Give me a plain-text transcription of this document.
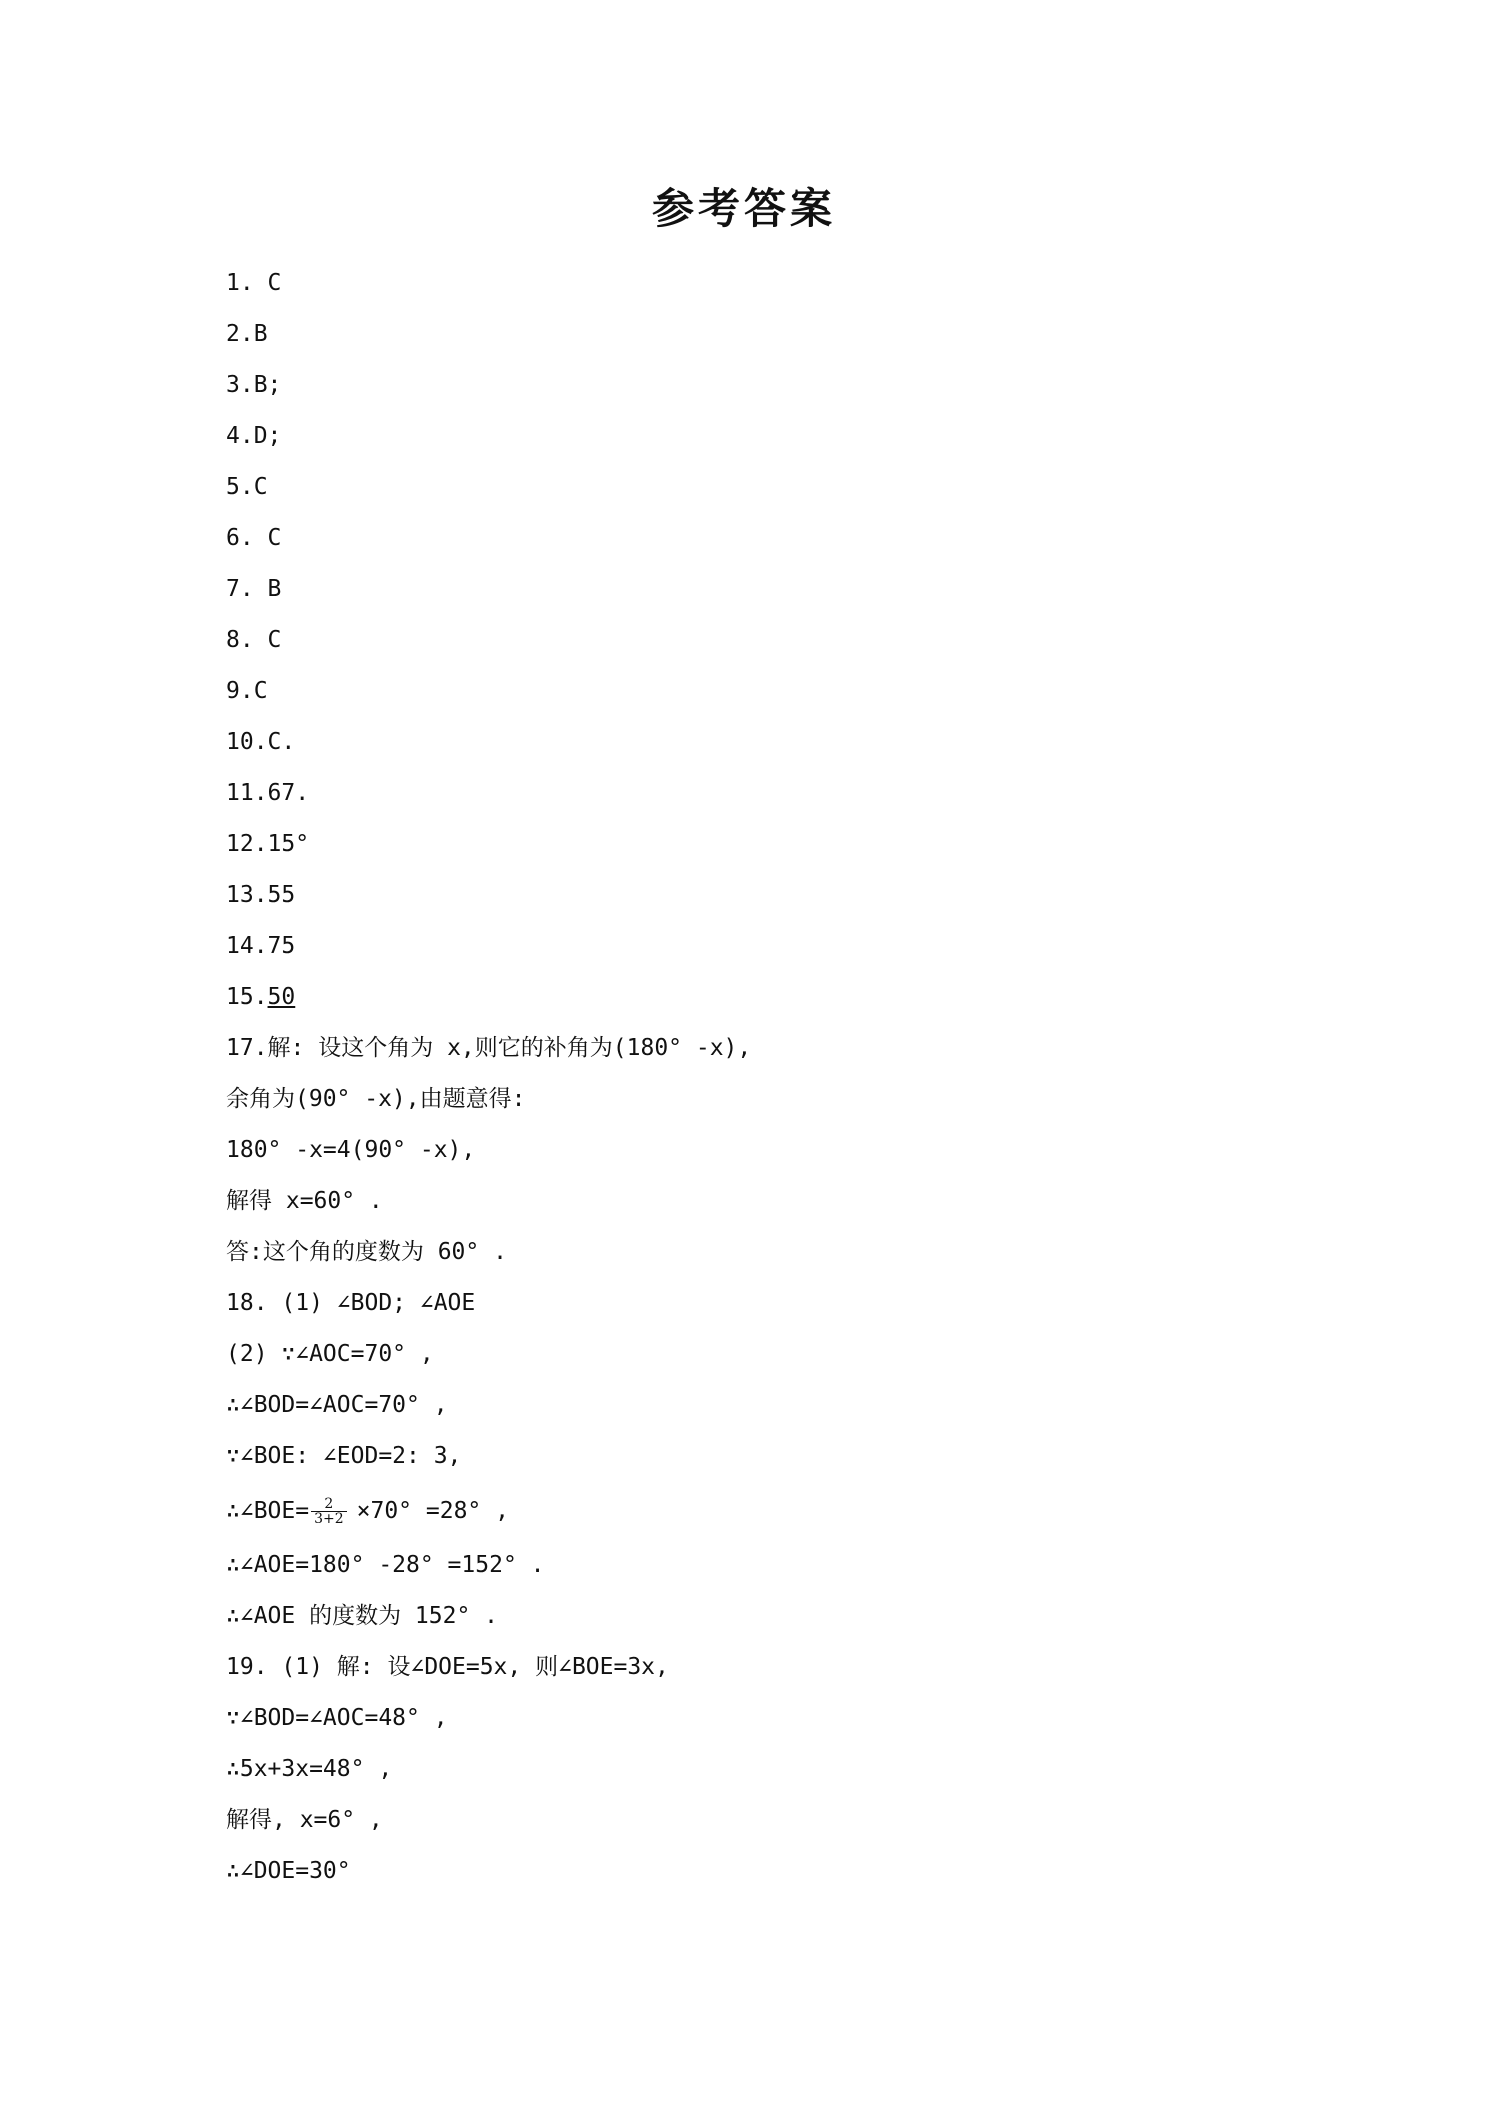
参考答案
1. C
2.B
3.B;
4.D;
5.C
6. C
7. B
8. C
9.C
10.C.
11.67.
12.15°
13.55
14.75
15.50
17.解: 设这个角为 x,则它的补角为(180° -x),
余角为(90° -x),由题意得:
180° -x=4(90° -x),
解得 x=60° .
答:这个角的度数为 60° .
18. (1) ∠BOD; ∠AOE
(2) ∵∠AOC=70° ,
∴∠BOD=∠AOC=70° ,
∵∠BOE: ∠EOD=2: 3,
∴∠BOE= $\frac{2}{3+2} \times 70^\circ =28^\circ$ ,
∴∠AOE=180° -28° =152° .
∴∠AOE 的度数为 152° .
19. (1) 解: 设∠DOE=5x, 则∠BOE=3x,
∵∠BOD=∠AOC=48° ,
∴5x+3x=48° ,
解得, x=6° ,
∴∠DOE=30°
